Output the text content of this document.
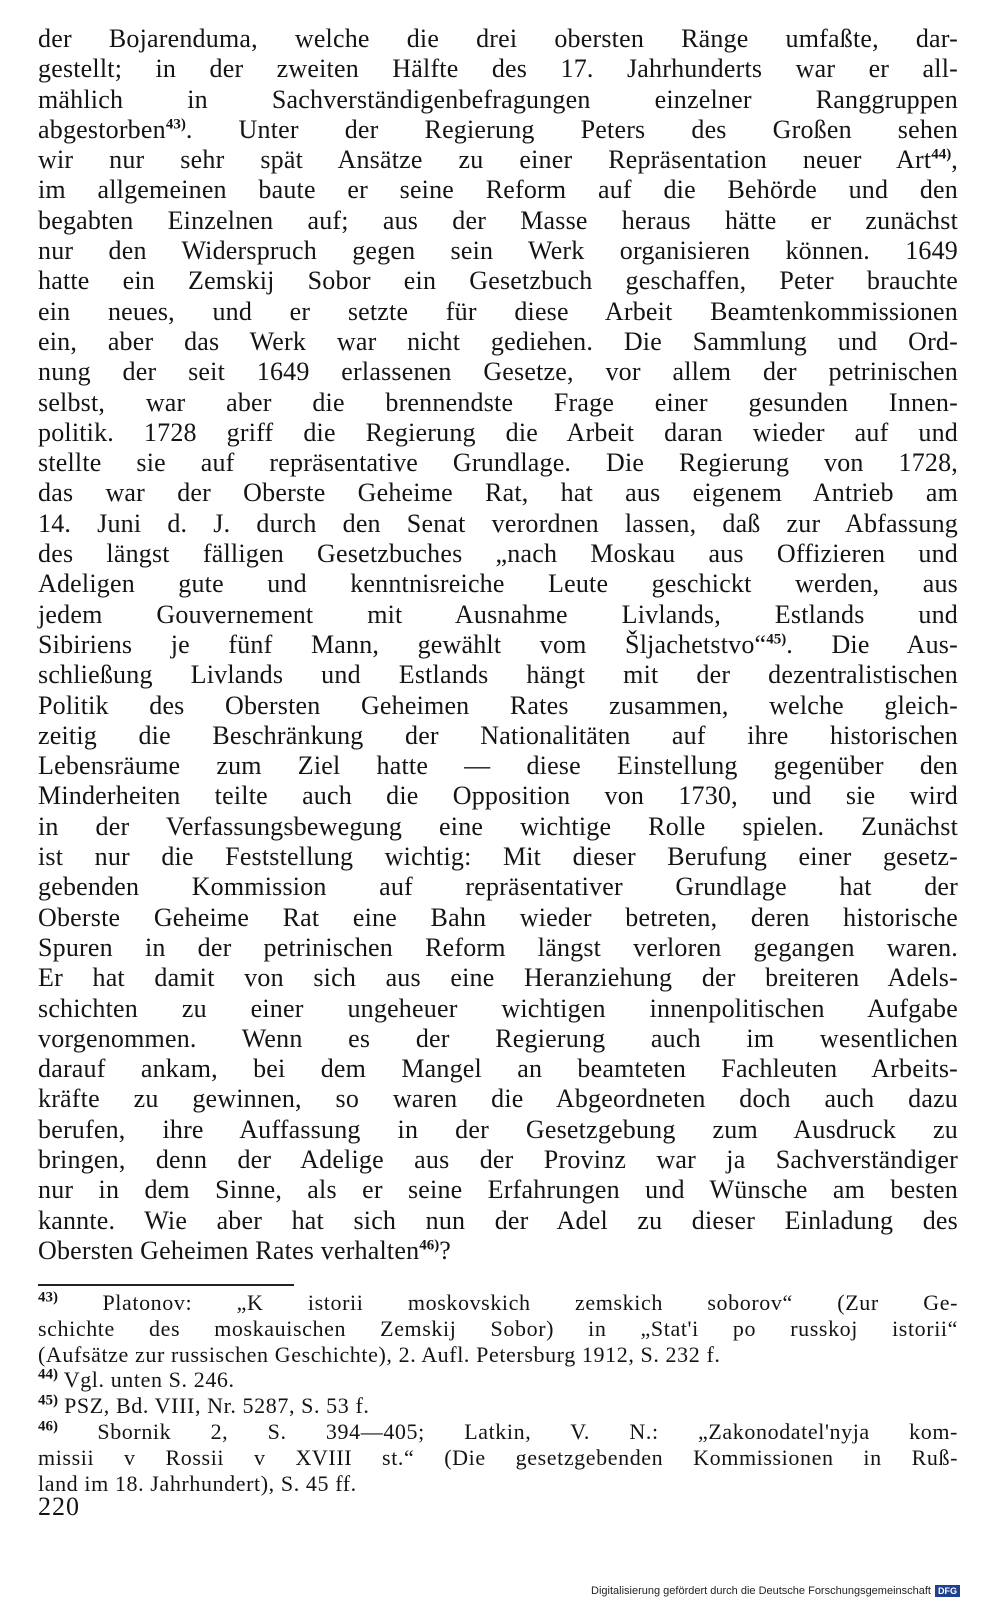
der Bojarenduma, welche die drei obersten Ränge umfaßte, dar-
gestellt; in der zweiten Hälfte des 17. Jahrhunderts war er all-
mählich in Sachverständigenbefragungen einzelner Ranggruppen
abgestorben$^{43)}$. Unter der Regierung Peters des Großen sehen
wir nur sehr spät Ansätze zu einer Repräsentation neuer Art$^{44)}$,
im allgemeinen baute er seine Reform auf die Behörde und den
begabten Einzelnen auf; aus der Masse heraus hätte er zunächst
nur den Widerspruch gegen sein Werk organisieren können. 1649
hatte ein Zemskij Sobor ein Gesetzbuch geschaffen, Peter brauchte
ein neues, und er setzte für diese Arbeit Beamtenkommissionen
ein, aber das Werk war nicht gediehen. Die Sammlung und Ord-
nung der seit 1649 erlassenen Gesetze, vor allem der petrinischen
selbst, war aber die brennendste Frage einer gesunden Innen-
politik. 1728 griff die Regierung die Arbeit daran wieder auf und
stellte sie auf repräsentative Grundlage. Die Regierung von 1728,
das war der Oberste Geheime Rat, hat aus eigenem Antrieb am
14. Juni d. J. durch den Senat verordnen lassen, daß zur Abfassung
des längst fälligen Gesetzbuches „nach Moskau aus Offizieren und
Adeligen gute und kenntnisreiche Leute geschickt werden, aus
jedem Gouvernement mit Ausnahme Livlands, Estlands und
Sibiriens je fünf Mann, gewählt vom Šljachetstvo“$^{45)}$. Die Aus-
schließung Livlands und Estlands hängt mit der dezentralistischen
Politik des Obersten Geheimen Rates zusammen, welche gleich-
zeitig die Beschränkung der Nationalitäten auf ihre historischen
Lebensräume zum Ziel hatte — diese Einstellung gegenüber den
Minderheiten teilte auch die Opposition von 1730, und sie wird
in der Verfassungsbewegung eine wichtige Rolle spielen. Zunächst
ist nur die Feststellung wichtig: Mit dieser Berufung einer gesetz-
gebenden Kommission auf repräsentativer Grundlage hat der
Oberste Geheime Rat eine Bahn wieder betreten, deren historische
Spuren in der petrinischen Reform längst verloren gegangen waren.
Er hat damit von sich aus eine Heranziehung der breiteren Adels-
schichten zu einer ungeheuer wichtigen innenpolitischen Aufgabe
vorgenommen. Wenn es der Regierung auch im wesentlichen
darauf ankam, bei dem Mangel an beamteten Fachleuten Arbeits-
kräfte zu gewinnen, so waren die Abgeordneten doch auch dazu
berufen, ihre Auffassung in der Gesetzgebung zum Ausdruck zu
bringen, denn der Adelige aus der Provinz war ja Sachverständiger
nur in dem Sinne, als er seine Erfahrungen und Wünsche am besten
kannte. Wie aber hat sich nun der Adel zu dieser Einladung des
Obersten Geheimen Rates verhalten$^{46)}$?
$^{43)}$ Platonov: „K istorii moskovskich zemskich soborov“ (Zur Ge-
schichte des moskauischen Zemskij Sobor) in „Stat'i po russkoj istorii“
(Aufsätze zur russischen Geschichte), 2. Aufl. Petersburg 1912, S. 232 f.
$^{44)}$ Vgl. unten S. 246.
$^{45)}$ PSZ, Bd. VIII, Nr. 5287, S. 53 f.
$^{46)}$ Sbornik 2, S. 394—405; Latkin, V. N.: „Zakonodatel'nyja kom-
missii v Rossii v XVIII st.“ (Die gesetzgebenden Kommissionen in Ruß-
land im 18. Jahrhundert), S. 45 ff.
220
Digitalisierung gefördert durch die Deutsche Forschungsgemeinschaft DFG
